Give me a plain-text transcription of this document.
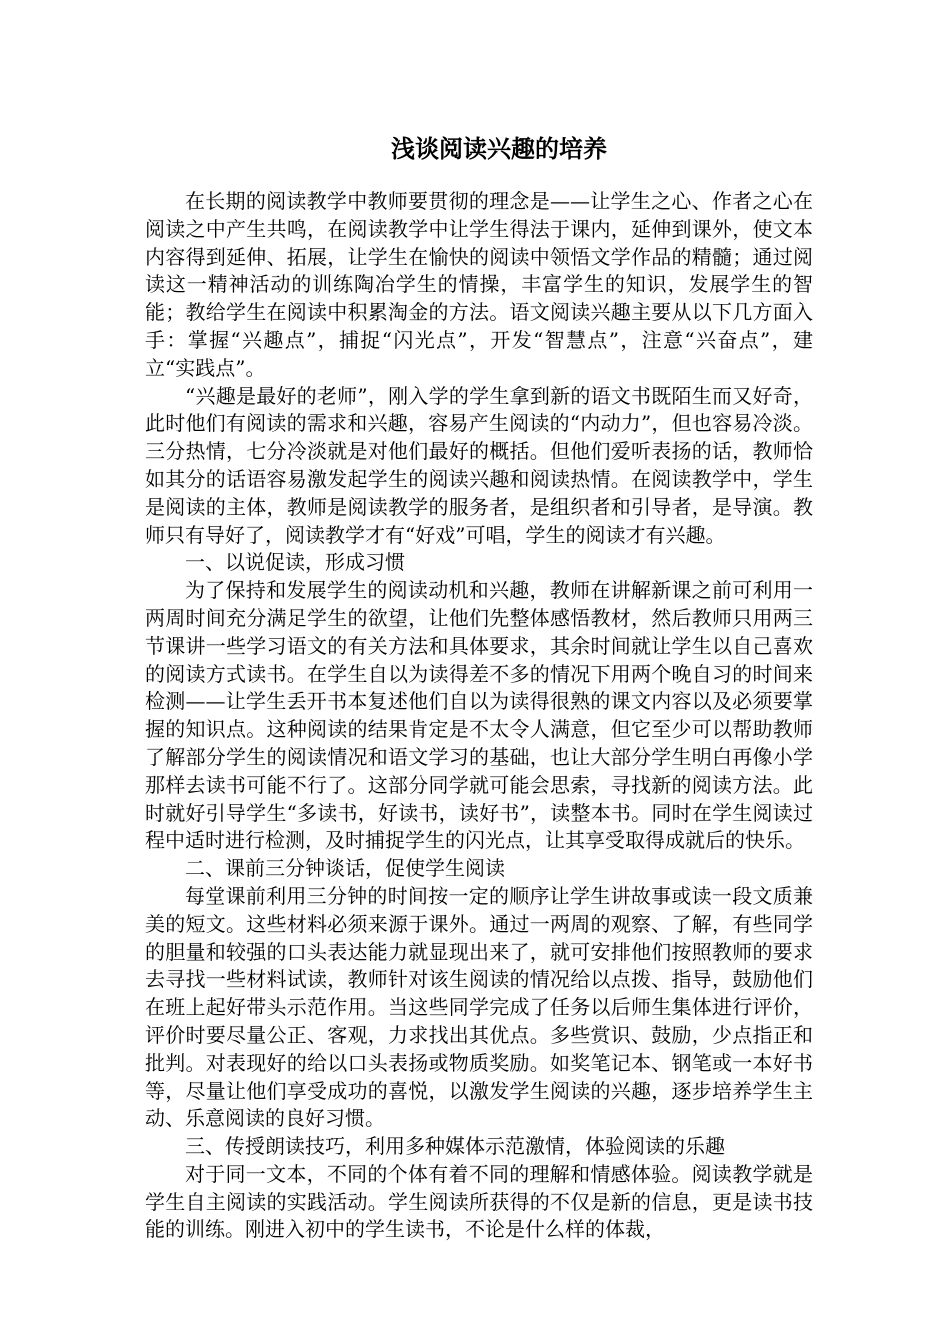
浅谈阅读兴趣的培养

在长期的阅读教学中教师要贯彻的理念是——让学生之心、作者之心在阅读之中产生共鸣，在阅读教学中让学生得法于课内，延伸到课外，使文本内容得到延伸、拓展，让学生在愉快的阅读中领悟文学作品的精髓；通过阅读这一精神活动的训练陶冶学生的情操，丰富学生的知识，发展学生的智能；教给学生在阅读中积累淘金的方法。语文阅读兴趣主要从以下几方面入手：掌握“兴趣点”，捕捉“闪光点”，开发“智慧点”，注意“兴奋点”，建立“实践点”。

“兴趣是最好的老师”，刚入学的学生拿到新的语文书既陌生而又好奇，此时他们有阅读的需求和兴趣，容易产生阅读的“内动力”，但也容易冷淡。三分热情，七分冷淡就是对他们最好的概括。但他们爱听表扬的话，教师恰如其分的话语容易激发起学生的阅读兴趣和阅读热情。在阅读教学中，学生是阅读的主体，教师是阅读教学的服务者，是组织者和引导者，是导演。教师只有导好了，阅读教学才有“好戏”可唱，学生的阅读才有兴趣。

一、以说促读，形成习惯

为了保持和发展学生的阅读动机和兴趣，教师在讲解新课之前可利用一两周时间充分满足学生的欲望，让他们先整体感悟教材，然后教师只用两三节课讲一些学习语文的有关方法和具体要求，其余时间就让学生以自己喜欢的阅读方式读书。在学生自以为读得差不多的情况下用两个晚自习的时间来检测——让学生丢开书本复述他们自以为读得很熟的课文内容以及必须要掌握的知识点。这种阅读的结果肯定是不太令人满意，但它至少可以帮助教师了解部分学生的阅读情况和语文学习的基础，也让大部分学生明白再像小学那样去读书可能不行了。这部分同学就可能会思索，寻找新的阅读方法。此时就好引导学生“多读书，好读书，读好书”，读整本书。同时在学生阅读过程中适时进行检测，及时捕捉学生的闪光点，让其享受取得成就后的快乐。

二、课前三分钟谈话，促使学生阅读

每堂课前利用三分钟的时间按一定的顺序让学生讲故事或读一段文质兼美的短文。这些材料必须来源于课外。通过一两周的观察、了解，有些同学的胆量和较强的口头表达能力就显现出来了，就可安排他们按照教师的要求去寻找一些材料试读，教师针对该生阅读的情况给以点拨、指导，鼓励他们在班上起好带头示范作用。当这些同学完成了任务以后师生集体进行评价，评价时要尽量公正、客观，力求找出其优点。多些赏识、鼓励，少点指正和批判。对表现好的给以口头表扬或物质奖励。如奖笔记本、钢笔或一本好书等，尽量让他们享受成功的喜悦，以激发学生阅读的兴趣，逐步培养学生主动、乐意阅读的良好习惯。

三、传授朗读技巧，利用多种媒体示范激情，体验阅读的乐趣

对于同一文本，不同的个体有着不同的理解和情感体验。阅读教学就是学生自主阅读的实践活动。学生阅读所获得的不仅是新的信息，更是读书技能的训练。刚进入初中的学生读书，不论是什么样的体裁，
